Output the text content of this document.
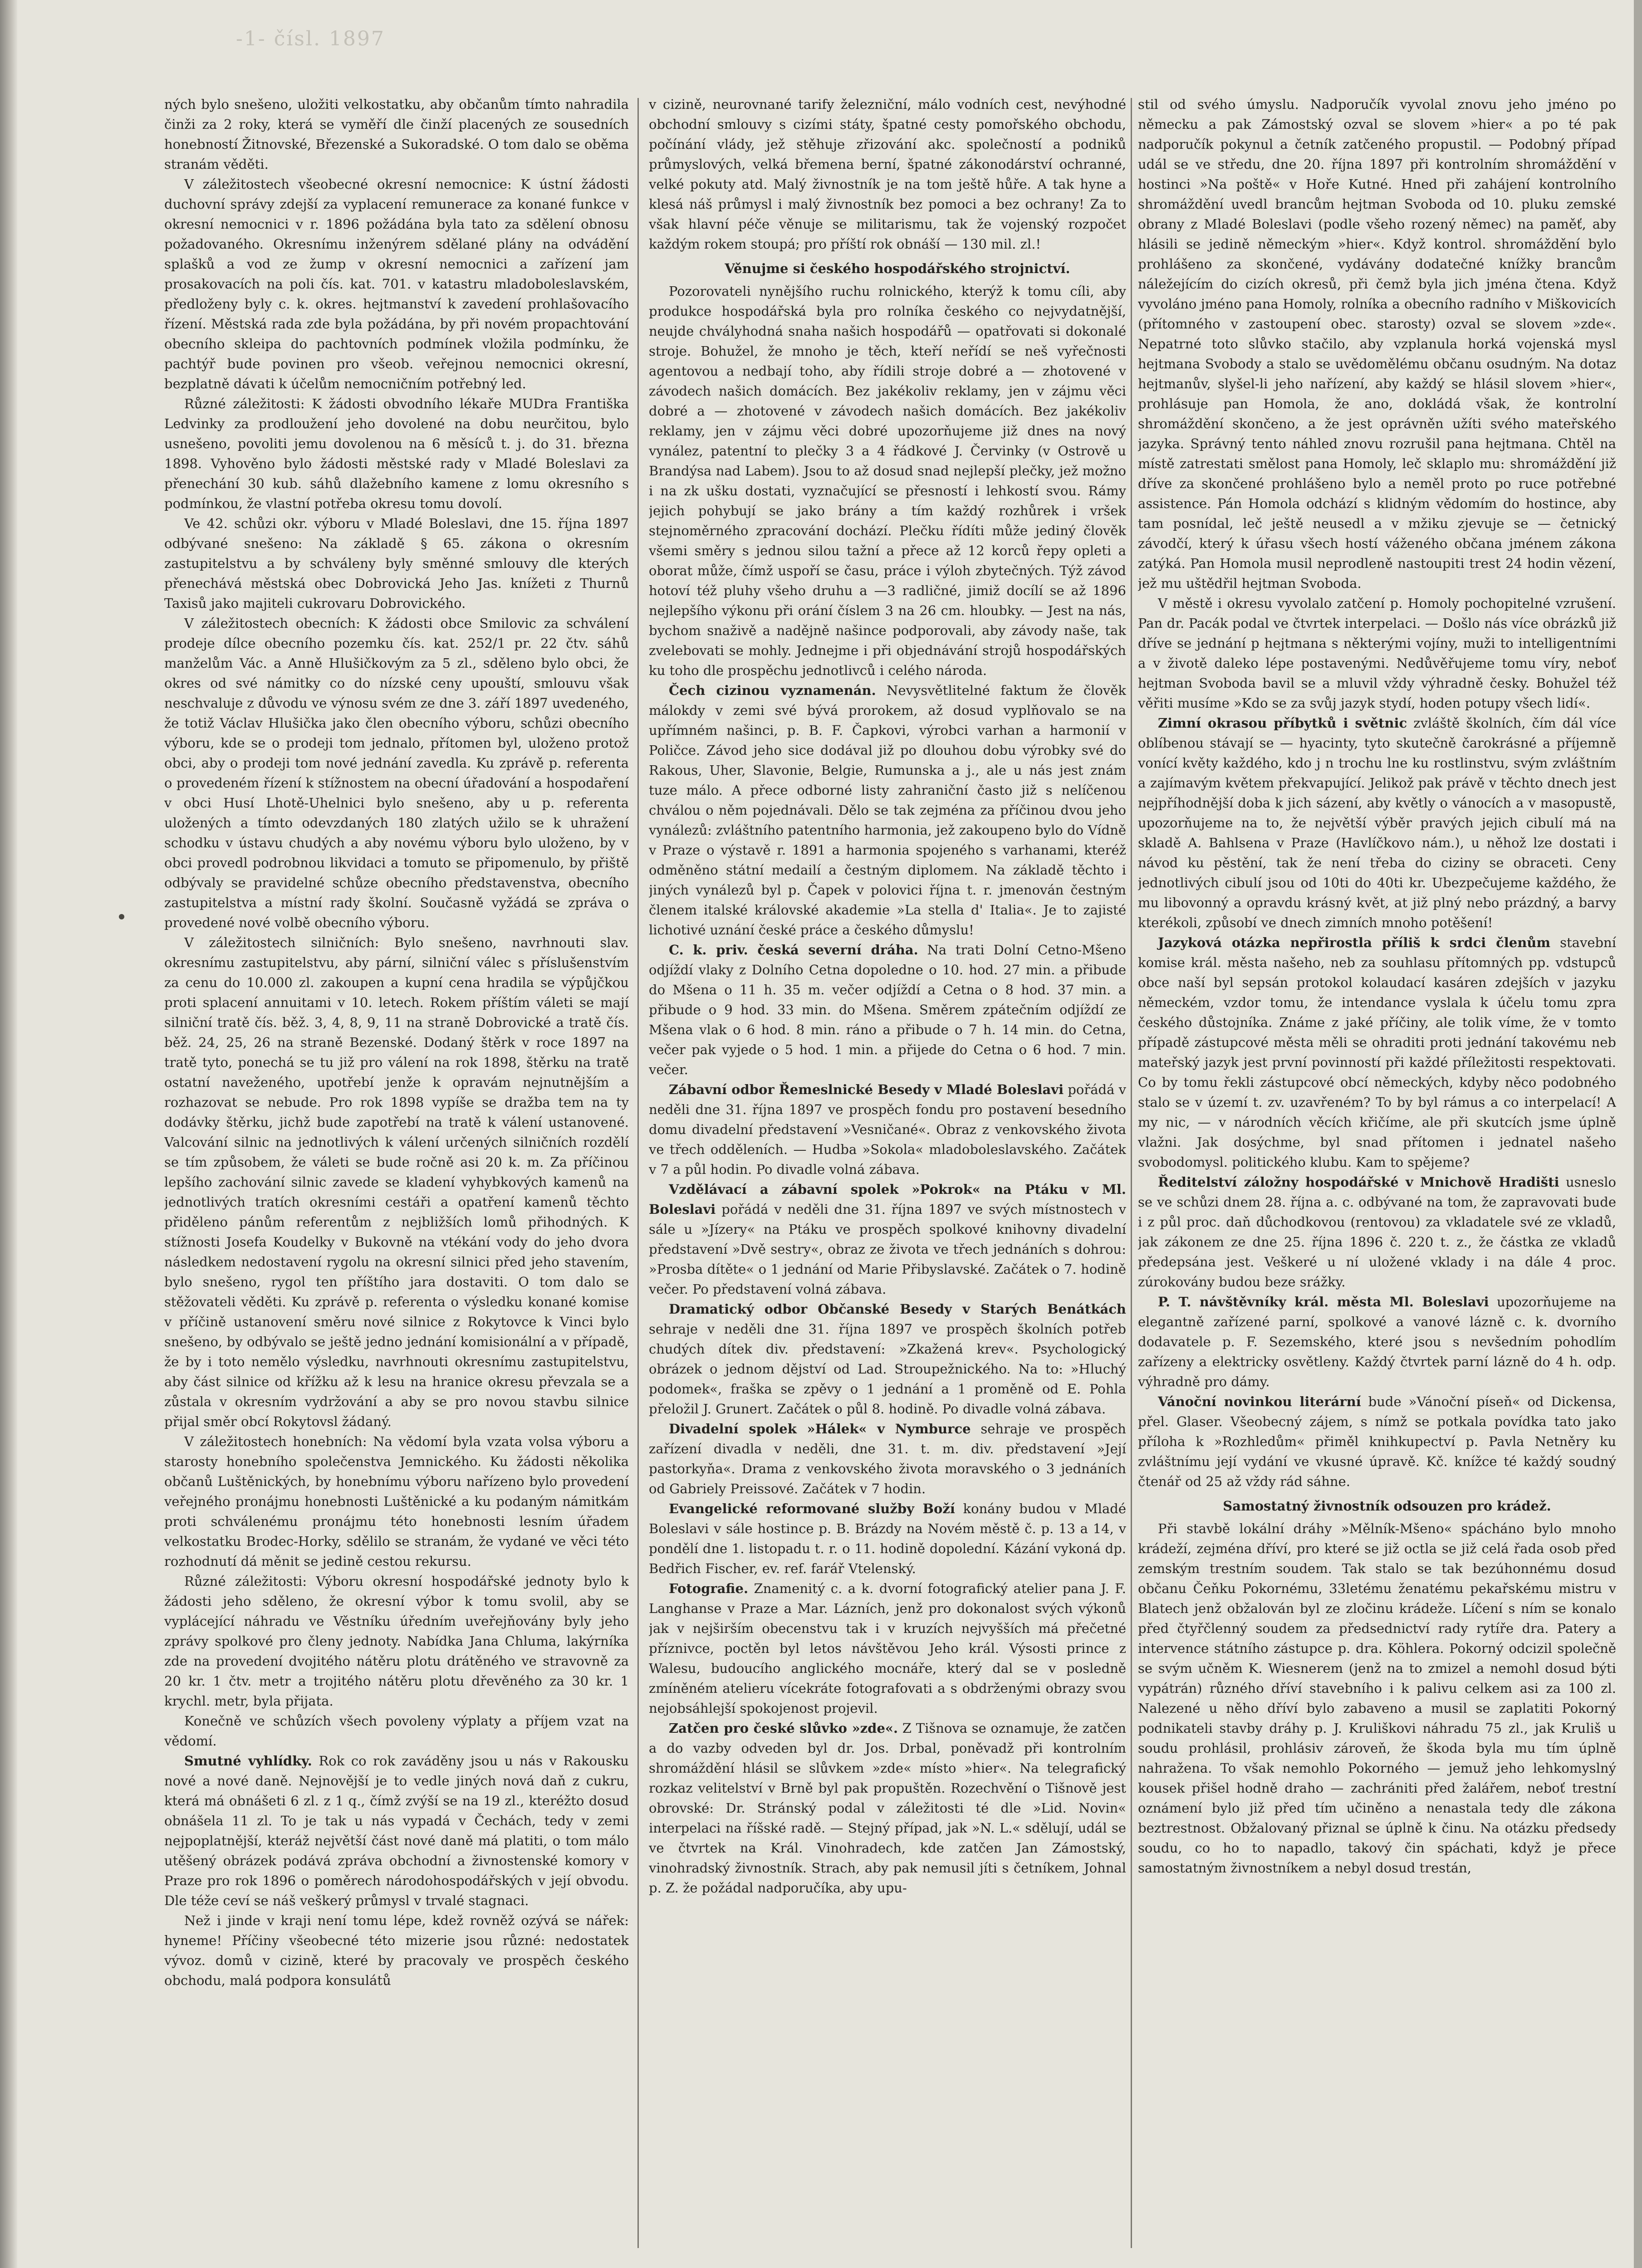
-1- čísl. 1897

ných bylo snešeno, uložiti velkostatku, aby občanům tímto nahradila činži za 2 roky, která se vyměří dle činží placených ze sousedních honebností Žitnovské, Březenské a Sukoradské. O tom dalo se oběma stranám věděti.

V záležitostech všeobecné okresní nemocnice: K ústní žádosti duchovní správy zdejší za vyplacení remunerace za konané funkce v okresní nemocnici v r. 1896 požádána byla tato za sdělení obnosu požadovaného. Okresnímu inženýrem sdělané plány na odvádění splašků a vod ze žump v okresní nemocnici a zařízení jam prosakovacích na poli čís. kat. 701. v katastru mladoboleslavském, předloženy byly c. k. okres. hejtmanství k zavedení prohlašovacího řízení. Městská rada zde byla požádána, by při novém propachtování obecního skleipa do pachtovních podmínek vložila podmínku, že pachtýř bude povinen pro všeob. veřejnou nemocnici okresní, bezplatně dávati k účelům nemocničním potřebný led.

Různé záležitosti: K žádosti obvodního lékaře MUDra Františka Ledvinky za prodloužení jeho dovolené na dobu neurčitou, bylo usnešeno, povoliti jemu dovolenou na 6 měsíců t. j. do 31. března 1898. Vyhověno bylo žádosti městské rady v Mladé Boleslavi za přenechání 30 kub. sáhů dlažebního kamene z lomu okresního s podmínkou, že vlastní potřeba okresu tomu dovolí.

Ve 42. schůzi okr. výboru v Mladé Boleslavi, dne 15. října 1897 odbývané snešeno: Na základě § 65. zákona o okresním zastupitelstvu a by schváleny byly směnné smlouvy dle kterých přenechává městská obec Dobrovická Jeho Jas. knížeti z Thurnů Taxisů jako majiteli cukrovaru Dobrovického.

V záležitostech obecních: K žádosti obce Smilovic za schválení prodeje dílce obecního pozemku čís. kat. 252/1 pr. 22 čtv. sáhů manželům Vác. a Anně Hlušičkovým za 5 zl., sděleno bylo obci, že okres od své námitky co do nízské ceny upouští, smlouvu však neschvaluje z důvodu ve výnosu svém ze dne 3. září 1897 uvedeného, že totiž Václav Hlušička jako člen obecního výboru, schůzi obecního výboru, kde se o prodeji tom jednalo, přítomen byl, uloženo protož obci, aby o prodeji tom nové jednání zavedla. Ku zprávě p. referenta o provedeném řízení k stížnostem na obecní úřadování a hospodaření v obci Husí Lhotě-Uhelnici bylo snešeno, aby u p. referenta uložených a tímto odevzdaných 180 zlatých užilo se k uhražení schodku v ústavu chudých a aby novému výboru bylo uloženo, by v obci provedl podrobnou likvidaci a tomuto se připomenulo, by přiště odbývaly se pravidelné schůze obecního představenstva, obecního zastupitelstva a místní rady školní. Současně vyžádá se zpráva o provedené nové volbě obecního výboru.

V záležitostech silničních: Bylo snešeno, navrhnouti slav. okresnímu zastupitelstvu, aby pární, silniční válec s příslušenstvím za cenu do 10.000 zl. zakoupen a kupní cena hradila se výpůjčkou proti splacení annuitami v 10. letech. Rokem příštím váleti se mají silniční tratě čís. běž. 3, 4, 8, 9, 11 na straně Dobrovické a tratě čís. běž. 24, 25, 26 na straně Bezenské. Dodaný štěrk v roce 1897 na tratě tyto, ponechá se tu již pro válení na rok 1898, štěrku na tratě ostatní naveženého, upotřebí jenže k opravám nejnutnějším a rozhazovat se nebude. Pro rok 1898 vypíše se dražba tem na ty dodávky štěrku, jichž bude zapotřebí na tratě k válení ustanovené. Valcování silnic na jednotlivých k válení určených silničních rozdělí se tím způsobem, že váleti se bude ročně asi 20 k. m. Za příčinou lepšího zachování silnic zavede se kladení vyhybkových kamenů na jednotlivých tratích okresními cestáři a opatření kamenů těchto přiděleno pánům referentům z nejbližších lomů přihodných. K stížnosti Josefa Koudelky v Bukovně na vtékání vody do jeho dvora následkem nedostavení rygolu na okresní silnici před jeho stavením, bylo snešeno, rygol ten příštího jara dostaviti. O tom dalo se stěžovateli věděti. Ku zprávě p. referenta o výsledku konané komise v příčině ustanovení směru nové silnice z Rokytovce k Vinci bylo snešeno, by odbývalo se ještě jedno jednání komisionální a v případě, že by i toto nemělo výsledku, navrhnouti okresnímu zastupitelstvu, aby část silnice od křížku až k lesu na hranice okresu převzala se a zůstala v okresním vydržování a aby se pro novou stavbu silnice přijal směr obcí Rokytovsl žádaný.

V záležitostech honebních: Na vědomí byla vzata volsa výboru a starosty honebního společenstva Jemnického. Ku žádosti několika občanů Luštěnických, by honebnímu výboru nařízeno bylo provedení veřejného pronájmu honebnosti Luštěnické a ku podaným námitkám proti schválenému pronájmu této honebnosti lesním úřadem velkostatku Brodec-Horky, sdělilo se stranám, že vydané ve věci této rozhodnutí dá měnit se jedině cestou rekursu.

Různé záležitosti: Výboru okresní hospodářské jednoty bylo k žádosti jeho sděleno, že okresní výbor k tomu svolil, aby se vyplácející náhradu ve Věstníku úředním uveřejňovány byly jeho zprávy spolkové pro členy jednoty. Nabídka Jana Chluma, lakýrníka zde na provedení dvojitého nátěru plotu drátěného ve stravovně za 20 kr. 1 čtv. metr a trojitého nátěru plotu dřevěného za 30 kr. 1 krychl. metr, byla přijata.

Konečně ve schůzích všech povoleny výplaty a příjem vzat na vědomí.

Smutné vyhlídky. Rok co rok zaváděny jsou u nás v Rakousku nové a nové daně. Nejnovější je to vedle jiných nová daň z cukru, která má obnášeti 6 zl. z 1 q., čímž zvýší se na 19 zl., kteréžto dosud obnášela 11 zl. To je tak u nás vypadá v Čechách, tedy v zemi nejpoplatnější, kteráž největší část nové daně má platiti, o tom málo utěšený obrázek podává zpráva obchodní a živnostenské komory v Praze pro rok 1896 o poměrech národohospodářských v její obvodu. Dle téže ceví se náš veškerý průmysl v trvalé stagnaci.

Než i jinde v kraji není tomu lépe, kdež rovněž ozývá se nářek: hyneme! Příčiny všeobecné této mizerie jsou různé: nedostatek vývoz. domů v cizině, které by pracovaly ve prospěch českého obchodu, malá podpora konsulátů

v cizině, neurovnané tarify železniční, málo vodních cest, nevýhodné obchodní smlouvy s cizími státy, špatné cesty pomořského obchodu, počínání vlády, jež stěhuje zřizování akc. společností a podniků průmyslových, velká břemena berní, špatné zákonodárství ochranné, velké pokuty atd. Malý živnostník je na tom ještě hůře. A tak hyne a klesá náš průmysl i malý živnostník bez pomoci a bez ochrany! Za to však hlavní péče věnuje se militarismu, tak že vojenský rozpočet každým rokem stoupá; pro příští rok obnáší — 130 mil. zl.!

Věnujme si českého hospodářského strojnictví.

Pozorovateli nynějšího ruchu rolnického, kterýž k tomu cíli, aby produkce hospodářská byla pro rolníka českého co nejvydatnější, neujde chvályhodná snaha našich hospodářů — opatřovati si dokonalé stroje. Bohužel, že mnoho je těch, kteří neřídí se neš vyřečnosti agentovou a nedbají toho, aby řídili stroje dobré a — zhotovené v závodech našich domácích. Bez jakékoliv reklamy, jen v zájmu věci dobré a — zhotovené v závodech našich domácích. Bez jakékoliv reklamy, jen v zájmu věci dobré upozorňujeme již dnes na nový vynález, patentní to plečky 3 a 4 řádkové J. Červinky (v Ostrově u Brandýsa nad Labem). Jsou to až dosud snad nejlepší plečky, jež možno i na zk ušku dostati, vyznačující se přesností i lehkostí svou. Rámy jejich pohybují se jako brány a tím každý rozhůrek i vršek stejnoměrného zpracování dochází. Plečku řídíti může jediný člověk všemi směry s jednou silou tažní a přece až 12 korců řepy opleti a oborat může, čímž uspoří se času, práce i výloh zbytečných. Týž závod hotoví též pluhy všeho druhu a —3 radličné, jimiž docílí se až 1896 nejlepšího výkonu při orání číslem 3 na 26 cm. hloubky. — Jest na nás, bychom snaživě a nadějně našince podporovali, aby závody naše, tak zvelebovati se mohly. Jednejme i při objednávání strojů hospodářských ku toho dle prospěchu jednotlivců i celého národa.

Čech cizinou vyznamenán. Nevysvětlitelné faktum že člověk málokdy v zemi své bývá prorokem, až dosud vyplňovalo se na upřímném našinci, p. B. F. Čapkovi, výrobci varhan a harmonií v Poličce. Závod jeho sice dodával již po dlouhou dobu výrobky své do Rakous, Uher, Slavonie, Belgie, Rumunska a j., ale u nás jest znám tuze málo. A přece odborné listy zahraniční často již s nelíčenou chválou o něm pojednávali. Dělo se tak zejména za příčinou dvou jeho vynálezů: zvláštního patentního harmonia, jež zakoupeno bylo do Vídně v Praze o výstavě r. 1891 a harmonia spojeného s varhanami, kteréž odměněno státní medailí a čestným diplomem. Na základě těchto i jiných vynálezů byl p. Čapek v polovici října t. r. jmenován čestným členem italské královské akademie »La stella d' Italia«. Je to zajisté lichotivé uznání české práce a českého důmyslu!

C. k. priv. česká severní dráha. Na trati Dolní Cetno-Mšeno odjíždí vlaky z Dolního Cetna dopoledne o 10. hod. 27 min. a přibude do Mšena o 11 h. 35 m. večer odjíždí a Cetna o 8 hod. 37 min. a přibude o 9 hod. 33 min. do Mšena. Směrem zpátečním odjíždí ze Mšena vlak o 6 hod. 8 min. ráno a přibude o 7 h. 14 min. do Cetna, večer pak vyjede o 5 hod. 1 min. a přijede do Cetna o 6 hod. 7 min. večer.

Zábavní odbor Řemeslnické Besedy v Mladé Boleslavi pořádá v neděli dne 31. října 1897 ve prospěch fondu pro postavení besedního domu divadelní představení »Vesničané«. Obraz z venkovského života ve třech odděleních. — Hudba »Sokola« mladoboleslavského. Začátek v 7 a půl hodin. Po divadle volná zábava.

Vzdělávací a zábavní spolek »Pokrok« na Ptáku v Ml. Boleslavi pořádá v neděli dne 31. října 1897 ve svých místnostech v sále u »Jízery« na Ptáku ve prospěch spolkové knihovny divadelní představení »Dvě sestry«, obraz ze života ve třech jednáních s dohrou: »Prosba dítěte« o 1 jednání od Marie Přibyslavské. Začátek o 7. hodině večer. Po představení volná zábava.

Dramatický odbor Občanské Besedy v Starých Benátkách sehraje v neděli dne 31. října 1897 ve prospěch školních potřeb chudých dítek div. představení: »Zkažená krev«. Psychologický obrázek o jednom dějství od Lad. Stroupežnického. Na to: »Hluchý podomek«, fraška se zpěvy o 1 jednání a 1 proměně od E. Pohla přeložil J. Grunert. Začátek o půl 8. hodině. Po divadle volná zábava.

Divadelní spolek »Hálek« v Nymburce sehraje ve prospěch zařízení divadla v neděli, dne 31. t. m. div. představení »Její pastorkyňa«. Drama z venkovského života moravského o 3 jednáních od Gabriely Preissové. Začátek v 7 hodin.

Evangelické reformované služby Boží konány budou v Mladé Boleslavi v sále hostince p. B. Brázdy na Novém městě č. p. 13 a 14, v pondělí dne 1. listopadu t. r. o 11. hodině dopolední. Kázání vykoná dp. Bedřich Fischer, ev. ref. farář Vtelenský.

Fotografie. Znamenitý c. a k. dvorní fotografický atelier pana J. F. Langhanse v Praze a Mar. Lázních, jenž pro dokonalost svých výkonů jak v nejširším obecenstvu tak i v kruzích nejvyšších má přečetné příznivce, poctěn byl letos návštěvou Jeho král. Výsosti prince z Walesu, budoucího anglického mocnáře, který dal se v posledně zmíněném atelieru vícekráte fotografovati a s obdrženými obrazy svou nejobsáhlejší spokojenost projevil.

Zatčen pro české slůvko »zde«. Z Tišnova se oznamuje, že zatčen a do vazby odveden byl dr. Jos. Drbal, poněvadž při kontrolním shromáždění hlásil se slůvkem »zde« místo »hier«. Na telegrafický rozkaz velitelství v Brně byl pak propuštěn. Rozechvění o Tišnově jest obrovské: Dr. Stránský podal v záležitosti té dle »Lid. Novin« interpelaci na říšské radě. — Stejný případ, jak »N. L.« sdělují, udál se ve čtvrtek na Král. Vinohradech, kde zatčen Jan Zámostský, vinohradský živnostník. Strach, aby pak nemusil jíti s četníkem, Johnal p. Z. že požádal nadporučíka, aby upu-

stil od svého úmyslu. Nadporučík vyvolal znovu jeho jméno po německu a pak Zámostský ozval se slovem »hier« a po té pak nadporučík pokynul a četník zatčeného propustil. — Podobný případ udál se ve středu, dne 20. října 1897 při kontrolním shromáždění v hostinci »Na poště« v Hoře Kutné. Hned při zahájení kontrolního shromáždění uvedl brancům hejtman Svoboda od 10. pluku zemské obrany z Mladé Boleslavi (podle všeho rozený němec) na paměť, aby hlásili se jedině německým »hier«. Když kontrol. shromáždění bylo prohlášeno za skončené, vydávány dodatečné knížky brancům náležejícím do cizích okresů, při čemž byla jich jména čtena. Když vyvoláno jméno pana Homoly, rolníka a obecního radního v Miškovicích (přítomného v zastoupení obec. starosty) ozval se slovem »zde«. Nepatrné toto slůvko stačilo, aby vzplanula horká vojenská mysl hejtmana Svobody a stalo se uvědomělému občanu osudným. Na dotaz hejtmanův, slyšel-li jeho nařízení, aby každý se hlásil slovem »hier«, prohlásuje pan Homola, že ano, dokládá však, že kontrolní shromáždění skončeno, a že jest oprávněn užíti svého mateřského jazyka. Správný tento náhled znovu rozrušil pana hejtmana. Chtěl na místě zatrestati smělost pana Homoly, leč sklaplo mu: shromáždění již dříve za skončené prohlášeno bylo a neměl proto po ruce potřebné assistence. Pán Homola odchází s klidným vědomím do hostince, aby tam posnídal, leč ještě neusedl a v mžiku zjevuje se — četnický závodčí, který k úřasu všech hostí váženého občana jménem zákona zatýká. Pan Homola musil neprodleně nastoupiti trest 24 hodin vězení, jež mu uštědřil hejtman Svoboda.

V městě i okresu vyvolalo zatčení p. Homoly pochopitelné vzrušení. Pan dr. Pacák podal ve čtvrtek interpelaci. — Došlo nás více obrázků již dříve se jednání p hejtmana s některými vojíny, muži to intelligentními a v životě daleko lépe postavenými. Nedůvěřujeme tomu víry, neboť hejtman Svoboda bavil se a mluvil vždy výhradně česky. Bohužel též věřiti musíme »Kdo se za svůj jazyk stydí, hoden potupy všech lidí«.

Zimní okrasou příbytků i světnic zvláště školních, čím dál více oblíbenou stávají se — hyacinty, tyto skutečně čarokrásné a příjemně vonící květy každého, kdo j n trochu lne ku rostlinstvu, svým zvláštním a zajímavým květem překvapující. Jelikož pak právě v těchto dnech jest nejpříhodnější doba k jich sázení, aby květly o vánocích a v masopustě, upozorňujeme na to, že největší výběr pravých jejich cibulí má na skladě A. Bahlsena v Praze (Havlíčkovo nám.), u něhož lze dostati i návod ku pěstění, tak že není třeba do ciziny se obraceti. Ceny jednotlivých cibulí jsou od 10ti do 40ti kr. Ubezpečujeme každého, že mu libovonný a opravdu krásný květ, at již plný nebo prázdný, a barvy kterékoli, způsobí ve dnech zimních mnoho potěšení!

Jazyková otázka nepřirostla příliš k srdci členům stavební komise král. města našeho, neb za souhlasu přítomných pp. vdstupců obce naší byl sepsán protokol kolaudací kasáren zdejších v jazyku německém, vzdor tomu, že intendance vyslala k účelu tomu zpra českého důstojníka. Známe z jaké příčiny, ale tolik víme, že v tomto případě zástupcové města měli se ohraditi proti jednání takovému neb mateřský jazyk jest první povinností při každé příležitosti respektovati. Co by tomu řekli zástupcové obcí německých, kdyby něco podobného stalo se v území t. zv. uzavřeném? To by byl rámus a co interpelací! A my nic, — v národních věcích křičíme, ale při skutcích jsme úplně vlažni. Jak dosýchme, byl snad přítomen i jednatel našeho svobodomysl. politického klubu. Kam to spějeme?

Ředitelství záložny hospodářské v Mnichově Hradišti usneslo se ve schůzi dnem 28. října a. c. odbývané na tom, že zapravovati bude i z půl proc. daň důchodkovou (rentovou) za vkladatele své ze vkladů, jak zákonem ze dne 25. října 1896 č. 220 t. z., že částka ze vkladů předepsána jest. Veškeré u ní uložené vklady i na dále 4 proc. zúrokovány budou beze srážky.

P. T. návštěvníky král. města Ml. Boleslavi upozorňujeme na elegantně zařízené parní, spolkové a vanové lázně c. k. dvorního dodavatele p. F. Sezemského, které jsou s nevšedním pohodlím zařízeny a elektricky osvětleny. Každý čtvrtek parní lázně do 4 h. odp. výhradně pro dámy.

Vánoční novinkou literární bude »Vánoční píseň« od Dickensa, přel. Glaser. Všeobecný zájem, s nímž se potkala povídka tato jako příloha k »Rozhledům« přiměl knihkupectví p. Pavla Netněry ku zvláštnímu její vydání ve vkusné úpravě. Kč. knížce té každý soudný čtenář od 25 až vždy rád sáhne.

Samostatný živnostník odsouzen pro krádež.

Při stavbě lokální dráhy »Mělník-Mšeno« spácháno bylo mnoho krádeží, zejména dříví, pro které se již octla se již celá řada osob před zemským trestním soudem. Tak stalo se tak bezúhonnému dosud občanu Čeňku Pokornému, 33letému ženatému pekařskému mistru v Blatech jenž obžalován byl ze zločinu krádeže. Líčení s ním se konalo před čtyřčlenný soudem za předsednictví rady rytíře dra. Patery a intervence státního zástupce p. dra. Köhlera. Pokorný odcizil společně se svým učněm K. Wiesnerem (jenž na to zmizel a nemohl dosud býti vypátrán) různého dříví stavebního i k palivu celkem asi za 100 zl. Nalezené u něho dříví bylo zabaveno a musil se zaplatiti Pokorný podnikateli stavby dráhy p. J. Kruliškovi náhradu 75 zl., jak Kruliš u soudu prohlásil, prohlásiv zároveň, že škoda byla mu tím úplně nahražena. To však nemohlo Pokorného — jemuž jeho lehkomyslný kousek přišel hodně draho — zachrániti před žalářem, neboť trestní oznámení bylo již před tím učiněno a nenastala tedy dle zákona beztrestnost. Obžalovaný přiznal se úplně k činu. Na otázku předsedy soudu, co ho to napadlo, takový čin spáchati, když je přece samostatným živnostníkem a nebyl dosud trestán,
